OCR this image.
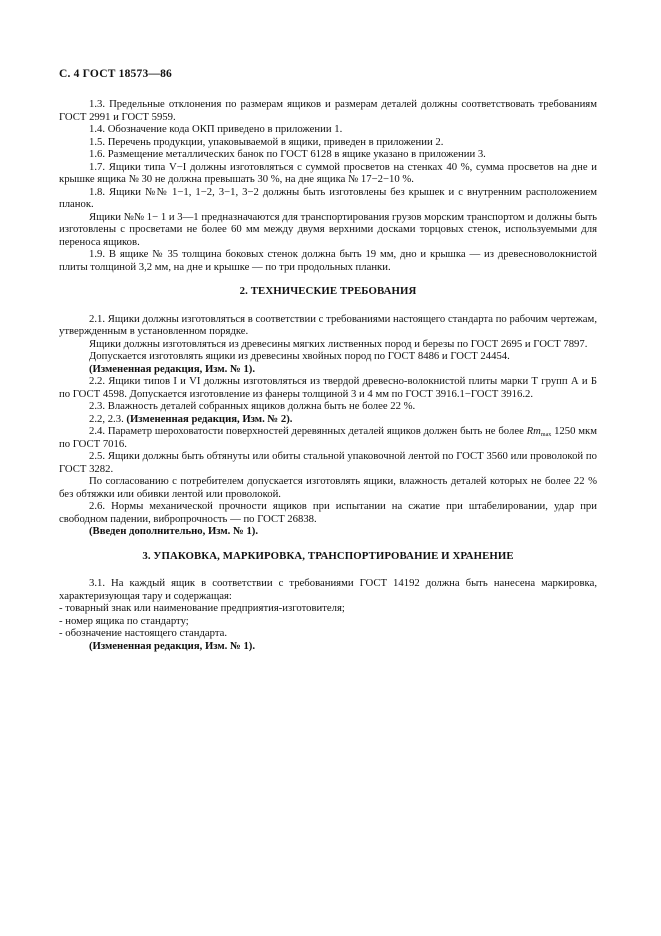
С. 4 ГОСТ 18573—86

1.3. Предельные отклонения по размерам ящиков и размерам деталей должны соответствовать требованиям ГОСТ 2991 и ГОСТ 5959.

1.4. Обозначение кода ОКП приведено в приложении 1.

1.5. Перечень продукции, упаковываемой в ящики, приведен в приложении 2.

1.6. Размещение металлических банок по ГОСТ 6128 в ящике указано в приложении 3.

1.7. Ящики типа V−I должны изготовляться с суммой просветов на стенках 40 %, сумма просветов на дне и крышке ящика № 30 не должна превышать 30 %, на дне ящика № 17−2−10 %.

1.8. Ящики №№ 1−1, 1−2, 3−1, 3−2 должны быть изготовлены без крышек и с внутренним расположением планок.

Ящики №№ 1− 1 и 3—1 предназначаются для транспортирования грузов морским транспортом и должны быть изготовлены с просветами не более 60 мм между двумя верхними досками торцовых стенок, используемыми для переноса ящиков.

1.9. В ящике № 35 толщина боковых стенок должна быть 19 мм, дно и крышка — из древесноволокнистой плиты толщиной 3,2 мм, на дне и крышке — по три продольных планки.

2. ТЕХНИЧЕСКИЕ ТРЕБОВАНИЯ

2.1. Ящики должны изготовляться в соответствии с требованиями настоящего стандарта по рабочим чертежам, утвержденным в установленном порядке.

Ящики должны изготовляться из древесины мягких лиственных пород и березы по ГОСТ 2695 и ГОСТ 7897.

Допускается изготовлять ящики из древесины хвойных пород по ГОСТ 8486 и ГОСТ 24454.

(Измененная редакция, Изм. № 1).

2.2. Ящики типов I и VI должны изготовляться из твердой древесно-волокнистой плиты марки Т групп А и Б по ГОСТ 4598. Допускается изготовление из фанеры толщиной 3 и 4 мм по ГОСТ 3916.1−ГОСТ 3916.2.

2.3. Влажность деталей собранных ящиков должна быть не более 22 %.

2.2, 2.3. (Измененная редакция, Изм. № 2).

2.4. Параметр шероховатости поверхностей деревянных деталей ящиков должен быть не более $Rm_{max}$ 1250 мкм по ГОСТ 7016.

2.5. Ящики должны быть обтянуты или обиты стальной упаковочной лентой по ГОСТ 3560 или проволокой по ГОСТ 3282.

По согласованию с потребителем допускается изготовлять ящики, влажность деталей которых не более 22 % без обтяжки или обивки лентой или проволокой.

2.6. Нормы механической прочности ящиков при испытании на сжатие при штабелировании, удар при свободном падении, вибропрочность — по ГОСТ 26838.

(Введен дополнительно, Изм. № 1).

3. УПАКОВКА, МАРКИРОВКА, ТРАНСПОРТИРОВАНИЕ И ХРАНЕНИЕ

3.1. На каждый ящик в соответствии с требованиями ГОСТ 14192 должна быть нанесена маркировка, характеризующая тару и содержащая:

- товарный знак или наименование предприятия-изготовителя;

- номер ящика по стандарту;

- обозначение настоящего стандарта.

(Измененная редакция, Изм. № 1).
